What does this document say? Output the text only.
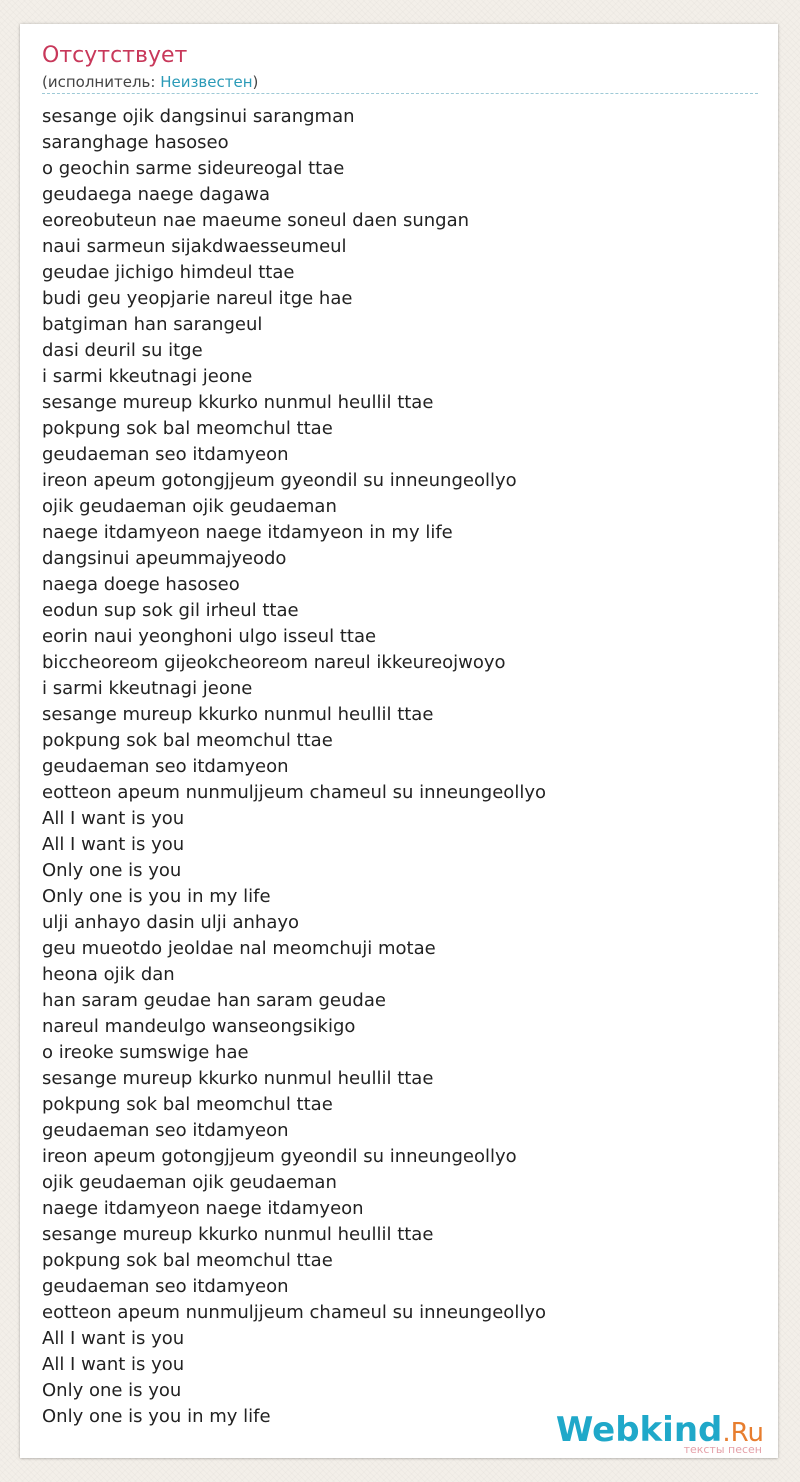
Отсутствует
(исполнитель: Неизвестен)
sesange ojik dangsinui sarangman
saranghage hasoseo
o geochin sarme sideureogal ttae
geudaega naege dagawa
eoreobuteun nae maeume soneul daen sungan
naui sarmeun sijakdwaesseumeul
geudae jichigo himdeul ttae
budi geu yeopjarie nareul itge hae
batgiman han sarangeul
dasi deuril su itge
i sarmi kkeutnagi jeone
sesange mureup kkurko nunmul heullil ttae
pokpung sok bal meomchul ttae
geudaeman seo itdamyeon
ireon apeum gotongjjeum gyeondil su inneungeollyo
ojik geudaeman ojik geudaeman
naege itdamyeon naege itdamyeon in my life
dangsinui apeummajyeodo
naega doege hasoseo
eodun sup sok gil irheul ttae
eorin naui yeonghoni ulgo isseul ttae
biccheoreom gijeokcheoreom nareul ikkeureojwoyo
i sarmi kkeutnagi jeone
sesange mureup kkurko nunmul heullil ttae
pokpung sok bal meomchul ttae
geudaeman seo itdamyeon
eotteon apeum nunmuljjeum chameul su inneungeollyo
All I want is you
All I want is you
Only one is you
Only one is you in my life
ulji anhayo dasin ulji anhayo
geu mueotdo jeoldae nal meomchuji motae
heona ojik dan
han saram geudae han saram geudae
nareul mandeulgo wanseongsikigo
o ireoke sumswige hae
sesange mureup kkurko nunmul heullil ttae
pokpung sok bal meomchul ttae
geudaeman seo itdamyeon
ireon apeum gotongjjeum gyeondil su inneungeollyo
ojik geudaeman ojik geudaeman
naege itdamyeon naege itdamyeon
sesange mureup kkurko nunmul heullil ttae
pokpung sok bal meomchul ttae
geudaeman seo itdamyeon
eotteon apeum nunmuljjeum chameul su inneungeollyo
All I want is you
All I want is you
Only one is you
Only one is you in my life	Webkind.Ru
тексты песен
